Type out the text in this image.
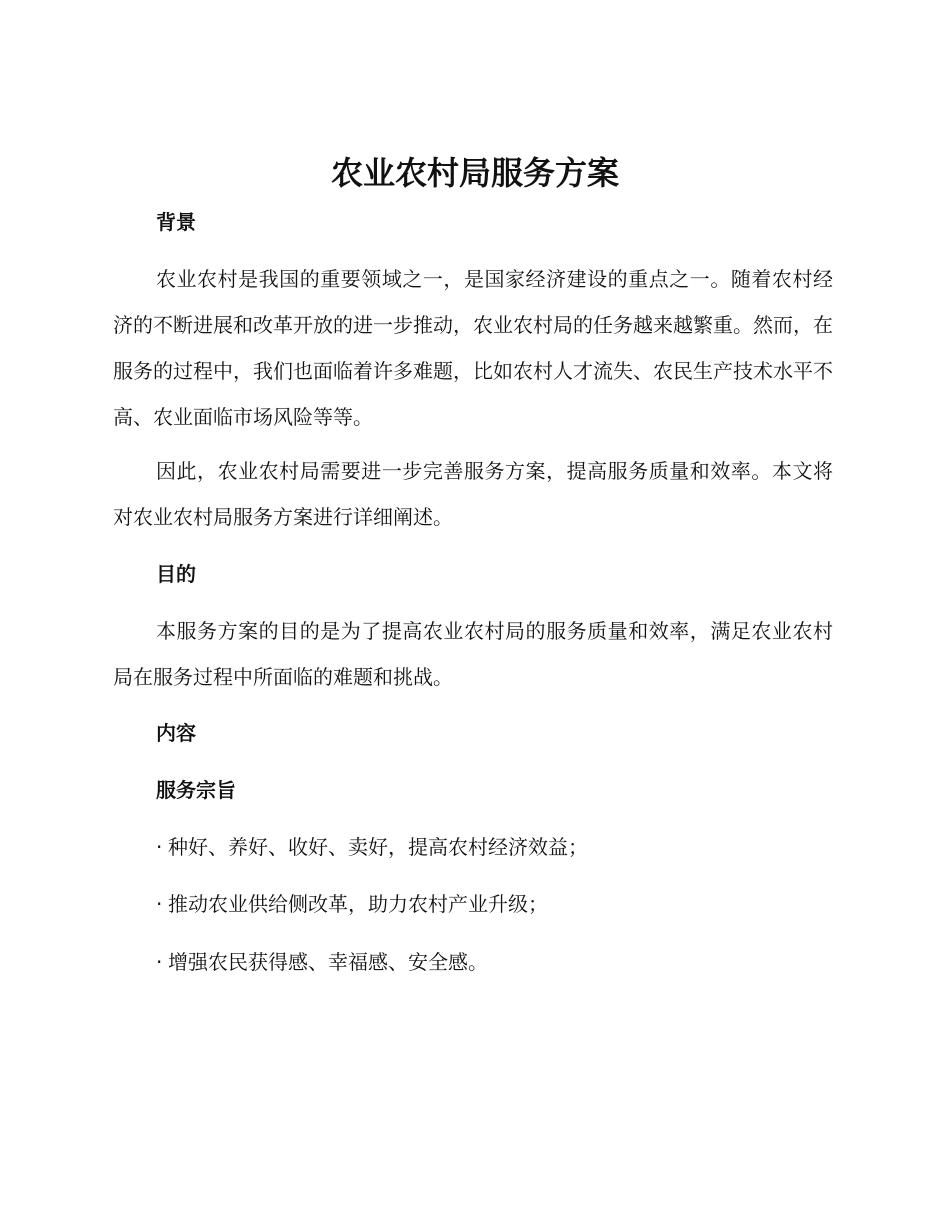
农业农村局服务方案
背景
农业农村是我国的重要领域之一，是国家经济建设的重点之一。随着农村经济的不断进展和改革开放的进一步推动，农业农村局的任务越来越繁重。然而，在服务的过程中，我们也面临着许多难题，比如农村人才流失、农民生产技术水平不高、农业面临市场风险等等。
因此，农业农村局需要进一步完善服务方案，提高服务质量和效率。本文将对农业农村局服务方案进行详细阐述。
目的
本服务方案的目的是为了提高农业农村局的服务质量和效率，满足农业农村局在服务过程中所面临的难题和挑战。
内容
服务宗旨
· 种好、养好、收好、卖好，提高农村经济效益；
· 推动农业供给侧改革，助力农村产业升级；
· 增强农民获得感、幸福感、安全感。
